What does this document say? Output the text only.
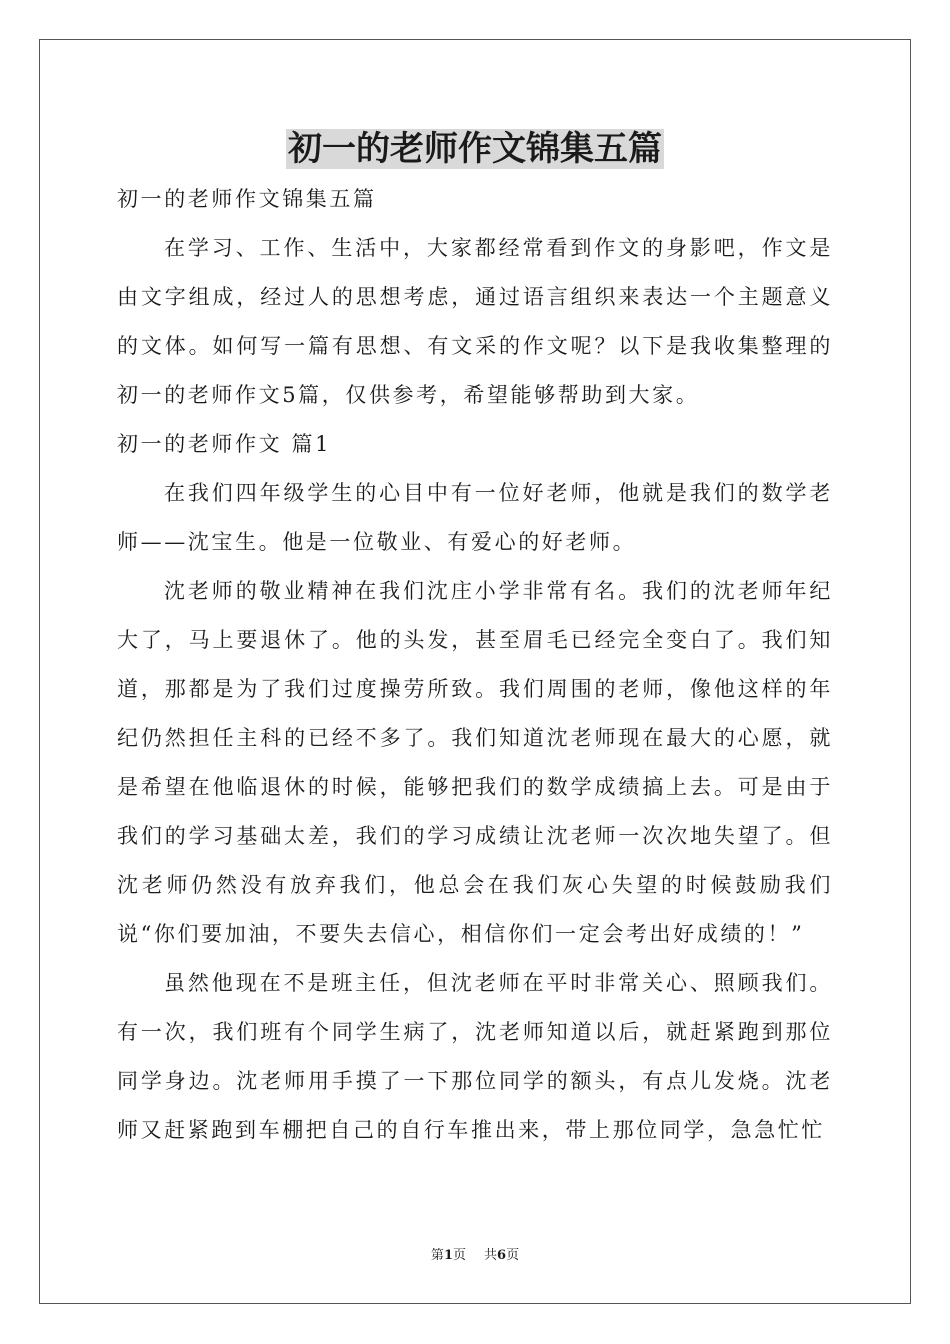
初一的老师作文锦集五篇

初一的老师作文锦集五篇

在学习、工作、生活中，大家都经常看到作文的身影吧，作文是由文字组成，经过人的思想考虑，通过语言组织来表达一个主题意义的文体。如何写一篇有思想、有文采的作文呢？以下是我收集整理的初一的老师作文5篇，仅供参考，希望能够帮助到大家。

初一的老师作文 篇1

在我们四年级学生的心目中有一位好老师，他就是我们的数学老师——沈宝生。他是一位敬业、有爱心的好老师。

沈老师的敬业精神在我们沈庄小学非常有名。我们的沈老师年纪大了，马上要退休了。他的头发，甚至眉毛已经完全变白了。我们知道，那都是为了我们过度操劳所致。我们周围的老师，像他这样的年纪仍然担任主科的已经不多了。我们知道沈老师现在最大的心愿，就是希望在他临退休的时候，能够把我们的数学成绩搞上去。可是由于我们的学习基础太差，我们的学习成绩让沈老师一次次地失望了。但沈老师仍然没有放弃我们，他总会在我们灰心失望的时候鼓励我们说“你们要加油，不要失去信心，相信你们一定会考出好成绩的！”

虽然他现在不是班主任，但沈老师在平时非常关心、照顾我们。有一次，我们班有个同学生病了，沈老师知道以后，就赶紧跑到那位同学身边。沈老师用手摸了一下那位同学的额头，有点儿发烧。沈老师又赶紧跑到车棚把自己的自行车推出来，带上那位同学，急急忙忙

第1页 共6页
